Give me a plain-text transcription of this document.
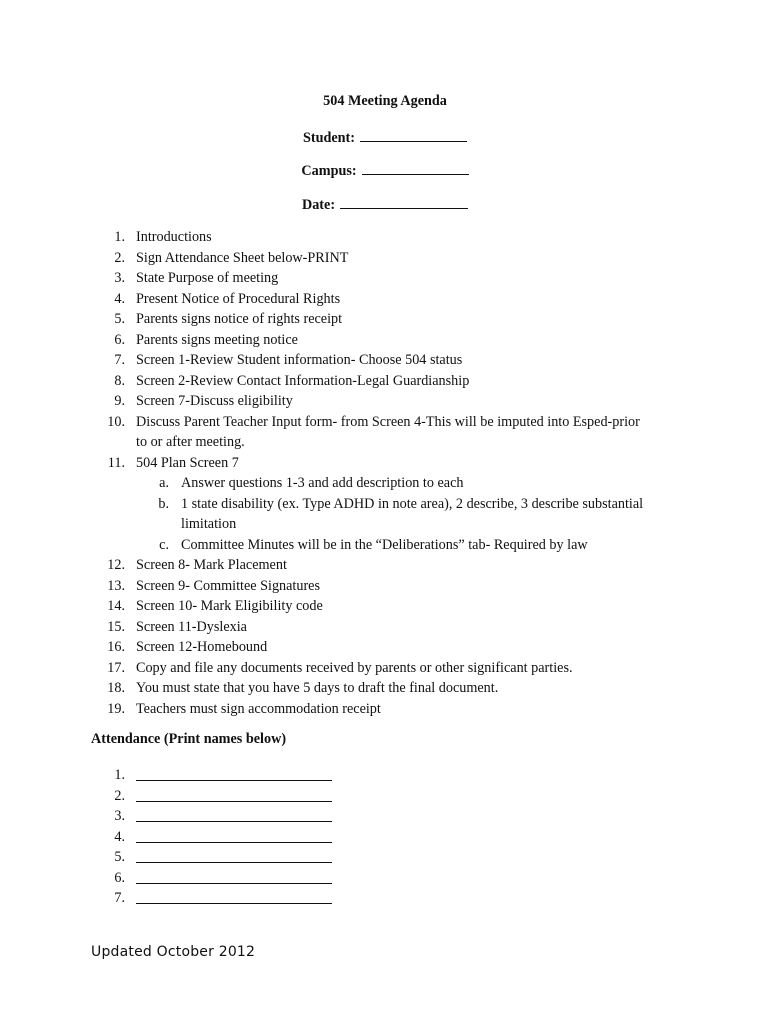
504 Meeting Agenda
Student:
Campus:
Date:
1. Introductions
2. Sign Attendance Sheet below-PRINT
3. State Purpose of meeting
4. Present Notice of Procedural Rights
5. Parents signs notice of rights receipt
6. Parents signs meeting notice
7. Screen 1-Review Student information- Choose 504 status
8. Screen 2-Review Contact Information-Legal Guardianship
9. Screen 7-Discuss eligibility
10. Discuss Parent Teacher Input form- from Screen 4-This will be imputed into Esped-prior
to or after meeting.
11. 504 Plan Screen 7
a. Answer questions 1-3 and add description to each
b. 1 state disability (ex. Type ADHD in note area), 2 describe, 3 describe substantial
limitation
c. Committee Minutes will be in the “Deliberations” tab- Required by law
12. Screen 8- Mark Placement
13. Screen 9- Committee Signatures
14. Screen 10- Mark Eligibility code
15. Screen 11-Dyslexia
16. Screen 12-Homebound
17. Copy and file any documents received by parents or other significant parties.
18. You must state that you have 5 days to draft the final document.
19. Teachers must sign accommodation receipt
Attendance (Print names below)
1.
2.
3.
4.
5.
6.
7.
Updated October 2012
